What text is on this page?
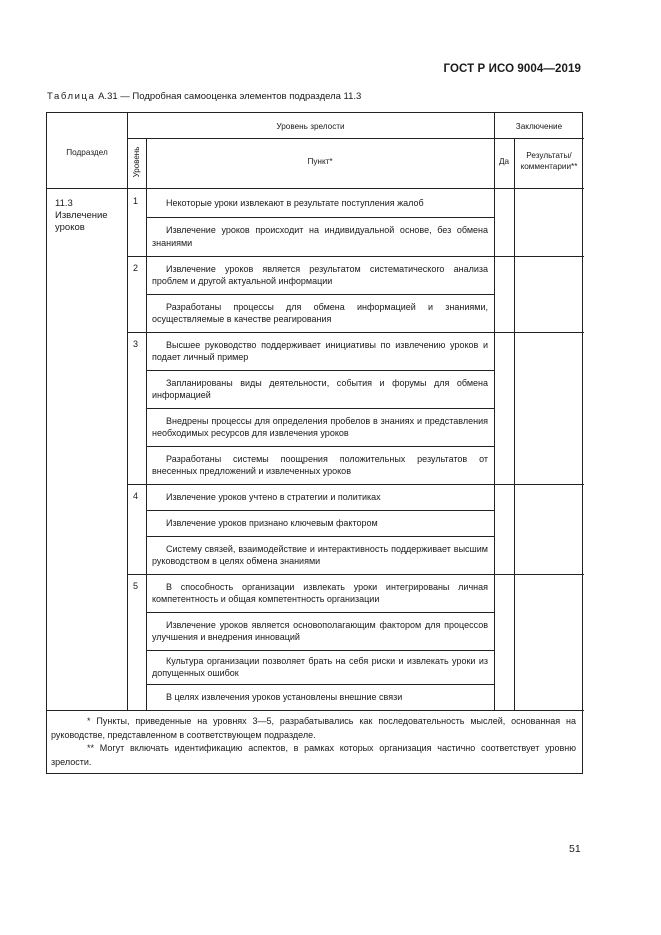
ГОСТ Р ИСО 9004—2019
Таблица А.31 — Подробная самооценка элементов подраздела 11.3
Подраздел
Уровень зрелости
Уровень	Пункт*
Заключение
Да
Результаты/ комментарии**
11.3 Извлечение уроков
Некоторые уроки извлекают в результате поступления жалоб
Извлечение уроков происходит на индивидуальной основе, без обмена знаниями
Извлечение уроков является результатом систематического анализа проблем и другой актуальной информации
Разработаны процессы для обмена информацией и знаниями, осуществляемые в качестве реагирования
Высшее руководство поддерживает инициативы по извлечению уроков и подает личный пример
Запланированы виды деятельности, события и форумы для обмена информацией
Внедрены процессы для определения пробелов в знаниях и представления необходимых ресурсов для извлечения уроков
Разработаны системы поощрения положительных результатов от внесенных предложений и извлеченных уроков
Извлечение уроков учтено в стратегии и политиках
Извлечение уроков признано ключевым фактором
Систему связей, взаимодействие и интерактивность поддерживает высшим руководством в целях обмена знаниями
В способность организации извлекать уроки интегрированы личная компетентность и общая компетентность организации
Извлечение уроков является основополагающим фактором для процессов улучшения и внедрения инноваций
Культура организации позволяет брать на себя риски и извлекать уроки из допущенных ошибок
В целях извлечения уроков установлены внешние связи
1
2
3
4
5

* Пункты, приведенные на уровнях 3—5, разрабатывались как последовательность мыслей, основанная на руководстве, представленном в соответствующем подразделе.

** Могут включать идентификацию аспектов, в рамках которых организация частично соответствует уровню зрелости.

51
